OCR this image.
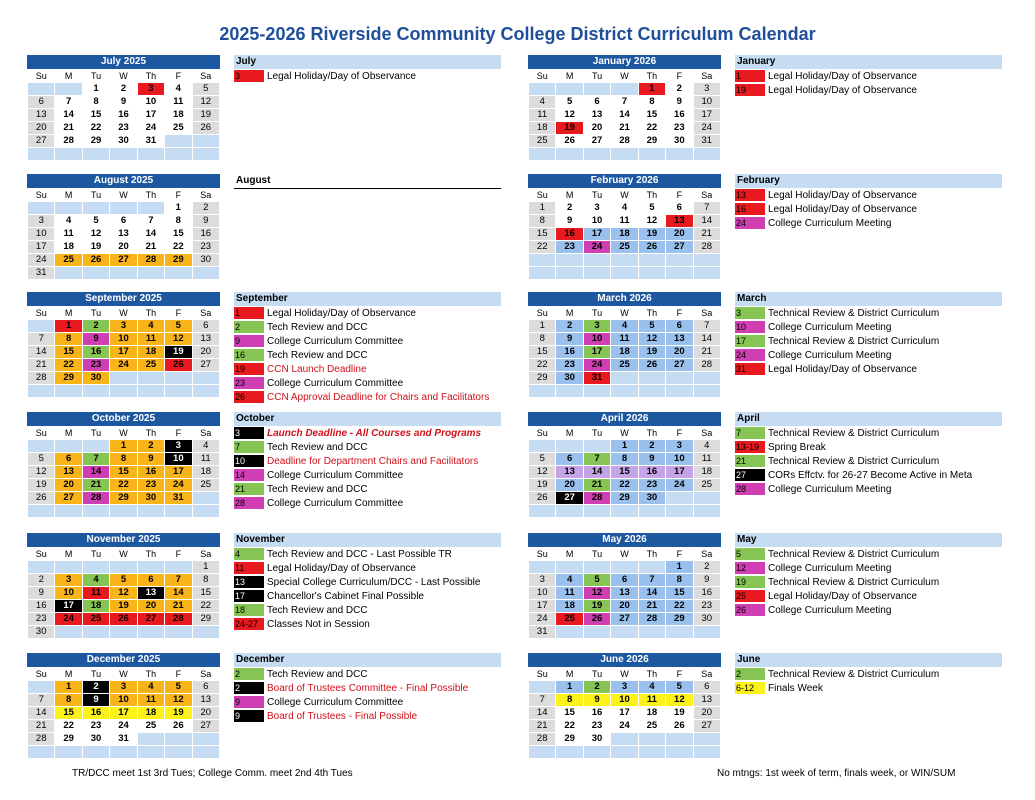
2025-2026 Riverside Community College District Curriculum Calendar
July 2025
Su	M	Tu	W	Th	F	Sa
		1	2	3	4	5
6	7	8	9	10	11	12
13	14	15	16	17	18	19
20	21	22	23	24	25	26
27	28	29	30	31		

July
3	Legal Holiday/Day of Observance
August 2025
Su	M	Tu	W	Th	F	Sa
					1	2
3	4	5	6	7	8	9
10	11	12	13	14	15	16
17	18	19	20	21	22	23
24	25	26	27	28	29	30
31						
August
September 2025
Su	M	Tu	W	Th	F	Sa
	1	2	3	4	5	6
7	8	9	10	11	12	13
14	15	16	17	18	19	20
21	22	23	24	25	26	27
28	29	30				

September
1	Legal Holiday/Day of Observance
2	Tech Review and DCC
9	College Curriculum Committee
16	Tech Review and DCC
19	CCN Launch Deadline
23	College Curriculum Committee
26	CCN Approval Deadline for Chairs and Facilitators
October 2025
Su	M	Tu	W	Th	F	Sa
			1	2	3	4
5	6	7	8	9	10	11
12	13	14	15	16	17	18
19	20	21	22	23	24	25
26	27	28	29	30	31	

October
3	Launch Deadline - All Courses and Programs
7	Tech Review and DCC
10	Deadline for Department Chairs and Facilitators
14	College Curriculum Committee
21	Tech Review and DCC
28	College Curriculum Committee
November 2025
Su	M	Tu	W	Th	F	Sa
						1
2	3	4	5	6	7	8
9	10	11	12	13	14	15
16	17	18	19	20	21	22
23	24	25	26	27	28	29
30						
November
4	Tech Review and DCC - Last Possible TR
11	Legal Holiday/Day of Observance
13	Special College Curriculum/DCC - Last Possible
17	Chancellor's Cabinet Final Possible
18	Tech Review and DCC
24-27 Classes Not in Session
December 2025
Su	M	Tu	W	Th	F	Sa
	1	2	3	4	5	6
7	8	9	10	11	12	13
14	15	16	17	18	19	20
21	22	23	24	25	26	27
28	29	30	31			

December
2	Tech Review and DCC
2	Board of Trustees Committee - Final Possible
9	College Curriculum Committee
9	Board of Trustees - Final Possible
January 2026
Su	M	Tu	W	Th	F	Sa
				1	2	3
4	5	6	7	8	9	10
11	12	13	14	15	16	17
18	19	20	21	22	23	24
25	26	27	28	29	30	31

January
1	Legal Holiday/Day of Observance
19	Legal Holiday/Day of Observance
February 2026
Su	M	Tu	W	Th	F	Sa
1	2	3	4	5	6	7
8	9	10	11	12	13	14
15	16	17	18	19	20	21
22	23	24	25	26	27	28

February
13	Legal Holiday/Day of Observance
16	Legal Holiday/Day of Observance
24	College Curriculum Meeting
March 2026
Su	M	Tu	W	Th	F	Sa
1	2	3	4	5	6	7
8	9	10	11	12	13	14
15	16	17	18	19	20	21
22	23	24	25	26	27	28
29	30	31				

March
3	Technical Review & District Curriculum
10	College Curriculum Meeting
17	Technical Review & District Curriculum
24	College Curriculum Meeting
31	Legal Holiday/Day of Observance
April 2026
Su	M	Tu	W	Th	F	Sa
			1	2	3	4
5	6	7	8	9	10	11
12	13	14	15	16	17	18
19	20	21	22	23	24	25
26	27	28	29	30		

April
7	Technical Review & District Curriculum
13-19 Spring Break
21	Technical Review & District Curriculum
27	CORs Effctv. for 26-27 Become Active in Meta
28	College Curriculum Meeting
May 2026
Su	M	Tu	W	Th	F	Sa
					1	2
3	4	5	6	7	8	9
10	11	12	13	14	15	16
17	18	19	20	21	22	23
24	25	26	27	28	29	30
31						
May
5	Technical Review & District Curriculum
12	College Curriculum Meeting
19	Technical Review & District Curriculum
25	Legal Holiday/Day of Observance
26	College Curriculum Meeting
June 2026
Su	M	Tu	W	Th	F	Sa
	1	2	3	4	5	6
7	8	9	10	11	12	13
14	15	16	17	18	19	20
21	22	23	24	25	26	27
28	29	30				

June
2	Technical Review & District Curriculum
6-12	Finals Week
TR/DCC meet 1st 3rd Tues; College Comm. meet 2nd 4th Tues	No mtngs: 1st week of term, finals week, or WIN/SUM
